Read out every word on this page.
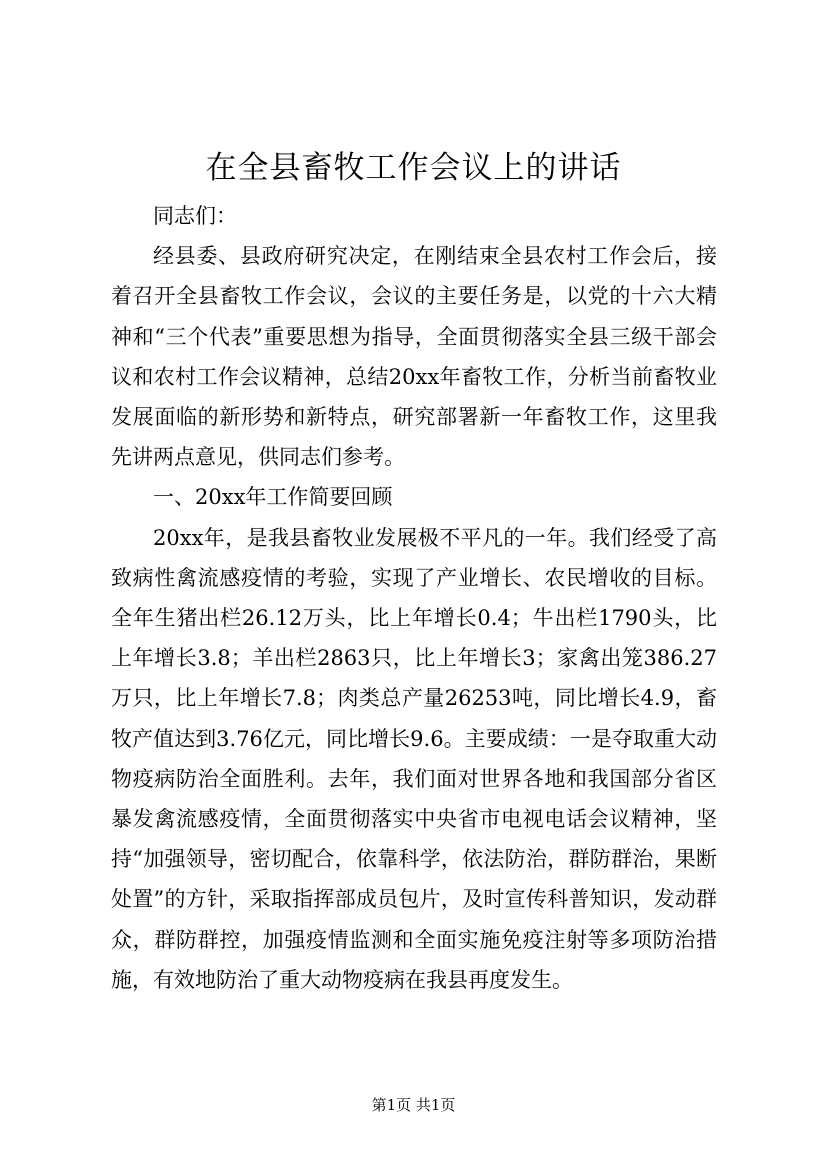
在全县畜牧工作会议上的讲话

同志们：

经县委、县政府研究决定，在刚结束全县农村工作会后，接着召开全县畜牧工作会议，会议的主要任务是，以党的十六大精神和“三个代表”重要思想为指导，全面贯彻落实全县三级干部会议和农村工作会议精神，总结20xx年畜牧工作，分析当前畜牧业发展面临的新形势和新特点，研究部署新一年畜牧工作，这里我先讲两点意见，供同志们参考。

一、20xx年工作简要回顾

20xx年，是我县畜牧业发展极不平凡的一年。我们经受了高致病性禽流感疫情的考验，实现了产业增长、农民增收的目标。全年生猪出栏26.12万头，比上年增长0.4；牛出栏1790头，比上年增长3.8；羊出栏2863只，比上年增长3；家禽出笼386.27万只，比上年增长7.8；肉类总产量26253吨，同比增长4.9，畜牧产值达到3.76亿元，同比增长9.6。主要成绩：一是夺取重大动物疫病防治全面胜利。去年，我们面对世界各地和我国部分省区暴发禽流感疫情，全面贯彻落实中央省市电视电话会议精神，坚持“加强领导，密切配合，依靠科学，依法防治，群防群治，果断处置”的方针，采取指挥部成员包片，及时宣传科普知识，发动群众，群防群控，加强疫情监测和全面实施免疫注射等多项防治措施，有效地防治了重大动物疫病在我县再度发生。

第1页 共1页
